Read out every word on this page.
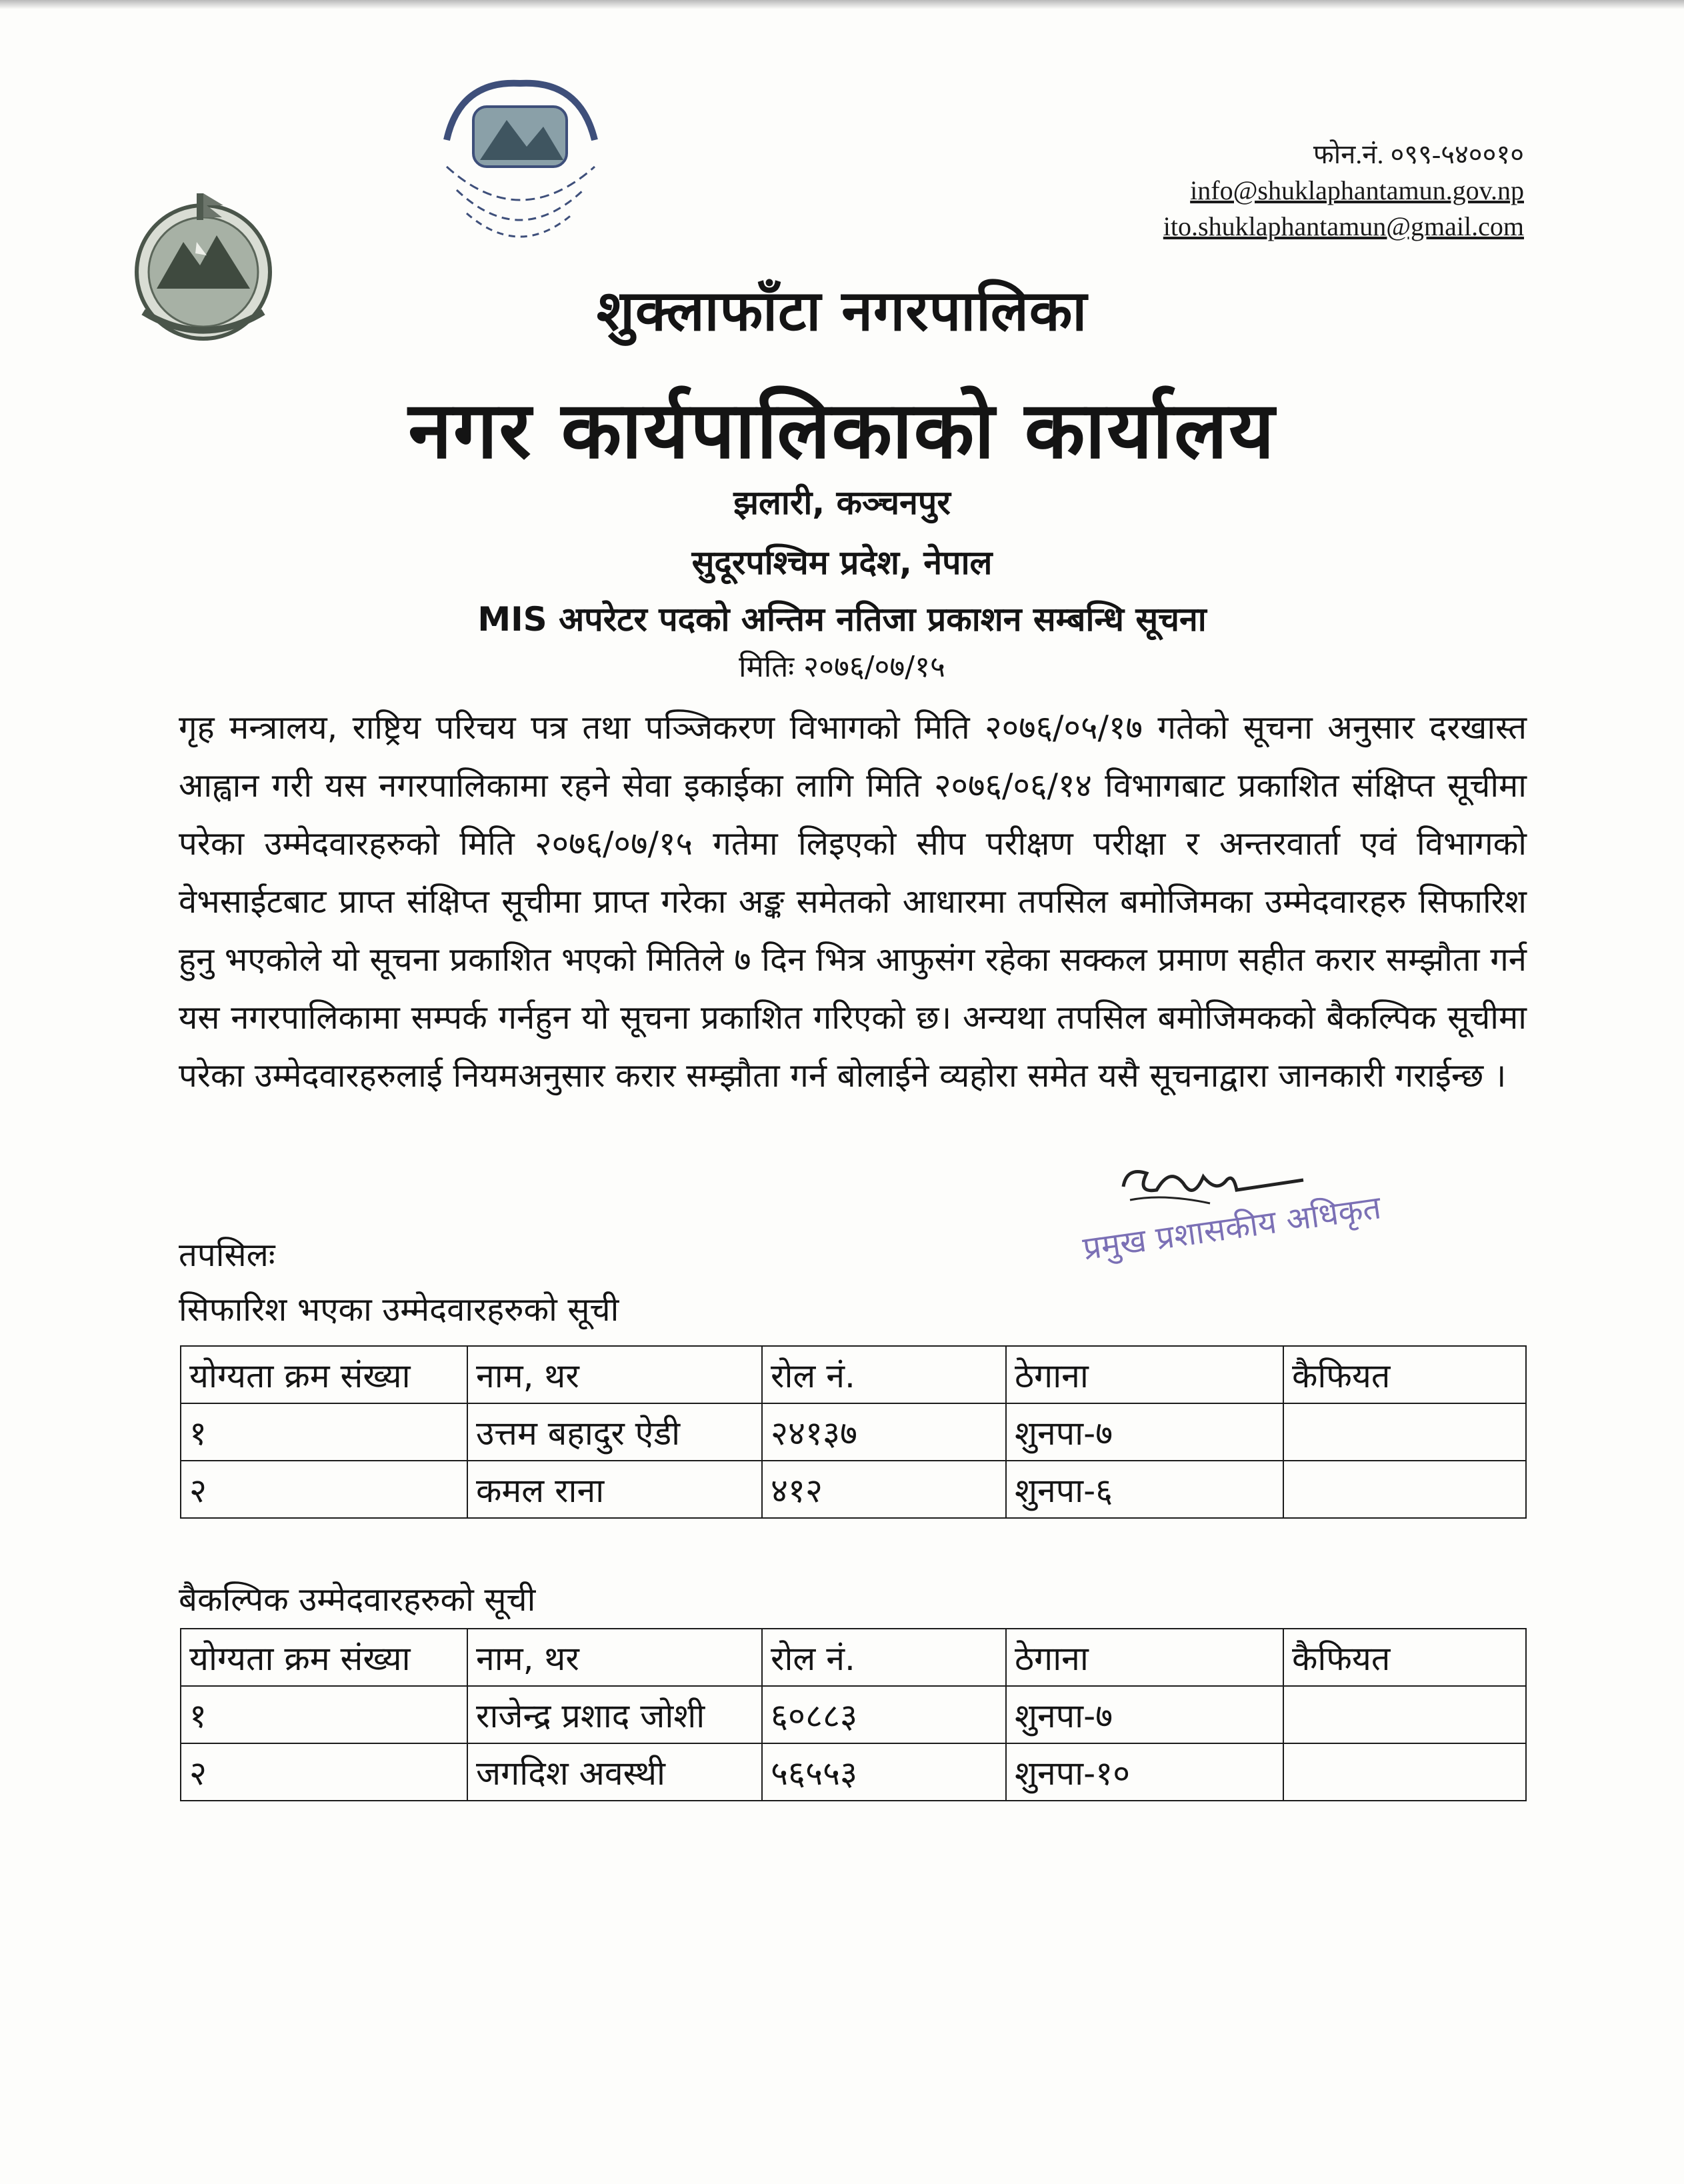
फोन.नं. ०९९-५४००१०
info@shuklaphantamun.gov.np
ito.shuklaphantamun@gmail.com
शुक्लाफाँटा नगरपालिका
नगर कार्यपालिकाको कार्यालय
झलारी, कञ्चनपुर
सुदूरपश्चिम प्रदेश, नेपाल
MIS अपरेटर पदको अन्तिम नतिजा प्रकाशन सम्बन्धि सूचना
मितिः २०७६/०७/१५
गृह मन्त्रालय, राष्ट्रिय परिचय पत्र तथा पञ्जिकरण विभागको मिति २०७६/०५/१७ गतेको सूचना अनुसार दरखास्त आह्वान गरी यस नगरपालिकामा रहने सेवा इकाईका लागि मिति २०७६/०६/१४ विभागबाट प्रकाशित संक्षिप्त सूचीमा परेका उम्मेदवारहरुको मिति २०७६/०७/१५ गतेमा लिइएको सीप परीक्षण परीक्षा र अन्तरवार्ता एवं विभागको वेभसाईटबाट प्राप्त संक्षिप्त सूचीमा प्राप्त गरेका अङ्क समेतको आधारमा तपसिल बमोजिमका उम्मेदवारहरु सिफारिश हुनु भएकोले यो सूचना प्रकाशित भएको मितिले ७ दिन भित्र आफुसंग रहेका सक्कल प्रमाण सहीत करार सम्झौता गर्न यस नगरपालिकामा सम्पर्क गर्नहुन यो सूचना प्रकाशित गरिएको छ। अन्यथा तपसिल बमोजिमकको बैकल्पिक सूचीमा परेका उम्मेदवारहरुलाई नियमअनुसार करार सम्झौता गर्न बोलाईने व्यहोरा समेत यसै सूचनाद्वारा जानकारी गराईन्छ ।
प्रमुख प्रशासकीय अधिकृत
तपसिलः
सिफारिश भएका उम्मेदवारहरुको सूची
योग्यता क्रम संख्या	नाम, थर	रोल नं.	ठेगाना	कैफियत
१	उत्तम बहादुर ऐडी	२४१३७	शुनपा-७	
२	कमल राना	४१२	शुनपा-६	
बैकल्पिक उम्मेदवारहरुको सूची
योग्यता क्रम संख्या	नाम, थर	रोल नं.	ठेगाना	कैफियत
१	राजेन्द्र प्रशाद जोशी	६०८८३	शुनपा-७	
२	जगदिश अवस्थी	५६५५३	शुनपा-१०	
